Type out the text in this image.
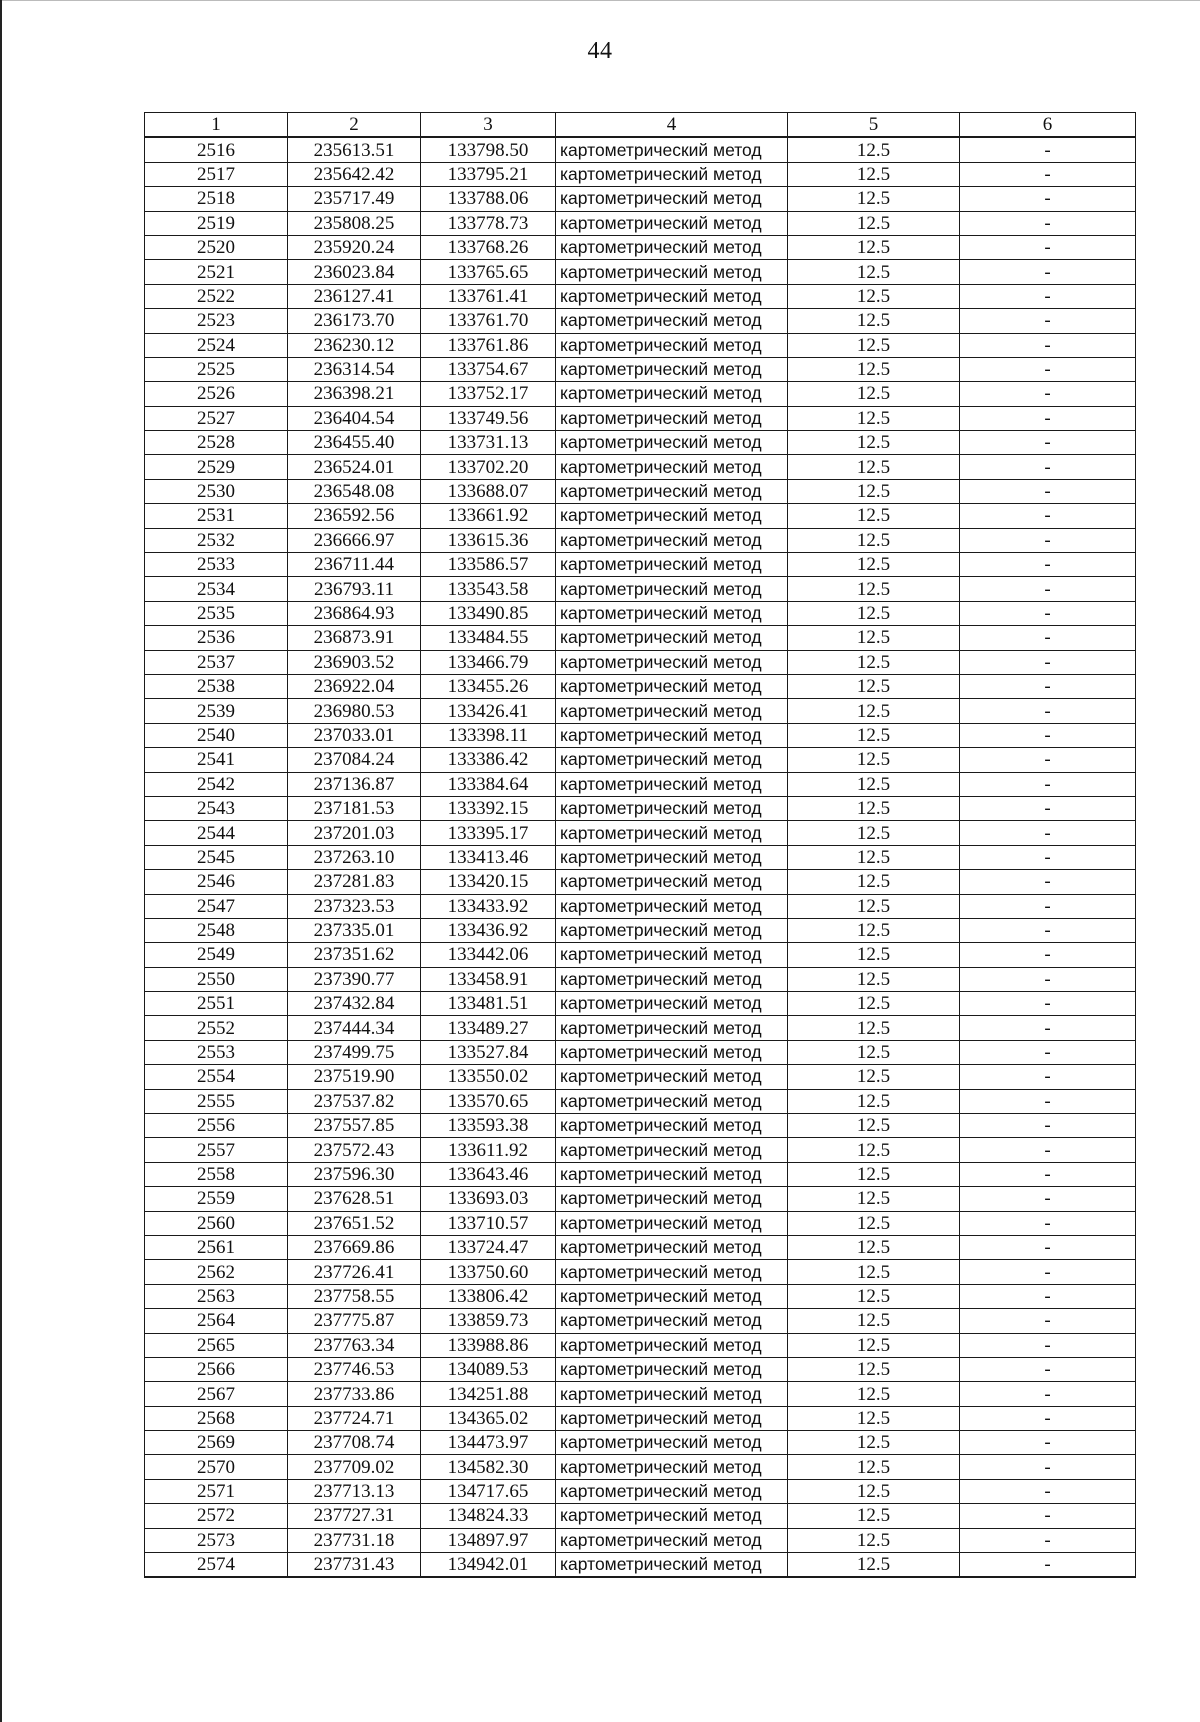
44
1	2	3	4	5	6
2516	235613.51	133798.50	картометрический метод	12.5	-
2517	235642.42	133795.21	картометрический метод	12.5	-
2518	235717.49	133788.06	картометрический метод	12.5	-
2519	235808.25	133778.73	картометрический метод	12.5	-
2520	235920.24	133768.26	картометрический метод	12.5	-
2521	236023.84	133765.65	картометрический метод	12.5	-
2522	236127.41	133761.41	картометрический метод	12.5	-
2523	236173.70	133761.70	картометрический метод	12.5	-
2524	236230.12	133761.86	картометрический метод	12.5	-
2525	236314.54	133754.67	картометрический метод	12.5	-
2526	236398.21	133752.17	картометрический метод	12.5	-
2527	236404.54	133749.56	картометрический метод	12.5	-
2528	236455.40	133731.13	картометрический метод	12.5	-
2529	236524.01	133702.20	картометрический метод	12.5	-
2530	236548.08	133688.07	картометрический метод	12.5	-
2531	236592.56	133661.92	картометрический метод	12.5	-
2532	236666.97	133615.36	картометрический метод	12.5	-
2533	236711.44	133586.57	картометрический метод	12.5	-
2534	236793.11	133543.58	картометрический метод	12.5	-
2535	236864.93	133490.85	картометрический метод	12.5	-
2536	236873.91	133484.55	картометрический метод	12.5	-
2537	236903.52	133466.79	картометрический метод	12.5	-
2538	236922.04	133455.26	картометрический метод	12.5	-
2539	236980.53	133426.41	картометрический метод	12.5	-
2540	237033.01	133398.11	картометрический метод	12.5	-
2541	237084.24	133386.42	картометрический метод	12.5	-
2542	237136.87	133384.64	картометрический метод	12.5	-
2543	237181.53	133392.15	картометрический метод	12.5	-
2544	237201.03	133395.17	картометрический метод	12.5	-
2545	237263.10	133413.46	картометрический метод	12.5	-
2546	237281.83	133420.15	картометрический метод	12.5	-
2547	237323.53	133433.92	картометрический метод	12.5	-
2548	237335.01	133436.92	картометрический метод	12.5	-
2549	237351.62	133442.06	картометрический метод	12.5	-
2550	237390.77	133458.91	картометрический метод	12.5	-
2551	237432.84	133481.51	картометрический метод	12.5	-
2552	237444.34	133489.27	картометрический метод	12.5	-
2553	237499.75	133527.84	картометрический метод	12.5	-
2554	237519.90	133550.02	картометрический метод	12.5	-
2555	237537.82	133570.65	картометрический метод	12.5	-
2556	237557.85	133593.38	картометрический метод	12.5	-
2557	237572.43	133611.92	картометрический метод	12.5	-
2558	237596.30	133643.46	картометрический метод	12.5	-
2559	237628.51	133693.03	картометрический метод	12.5	-
2560	237651.52	133710.57	картометрический метод	12.5	-
2561	237669.86	133724.47	картометрический метод	12.5	-
2562	237726.41	133750.60	картометрический метод	12.5	-
2563	237758.55	133806.42	картометрический метод	12.5	-
2564	237775.87	133859.73	картометрический метод	12.5	-
2565	237763.34	133988.86	картометрический метод	12.5	-
2566	237746.53	134089.53	картометрический метод	12.5	-
2567	237733.86	134251.88	картометрический метод	12.5	-
2568	237724.71	134365.02	картометрический метод	12.5	-
2569	237708.74	134473.97	картометрический метод	12.5	-
2570	237709.02	134582.30	картометрический метод	12.5	-
2571	237713.13	134717.65	картометрический метод	12.5	-
2572	237727.31	134824.33	картометрический метод	12.5	-
2573	237731.18	134897.97	картометрический метод	12.5	-
2574	237731.43	134942.01	картометрический метод	12.5	-
